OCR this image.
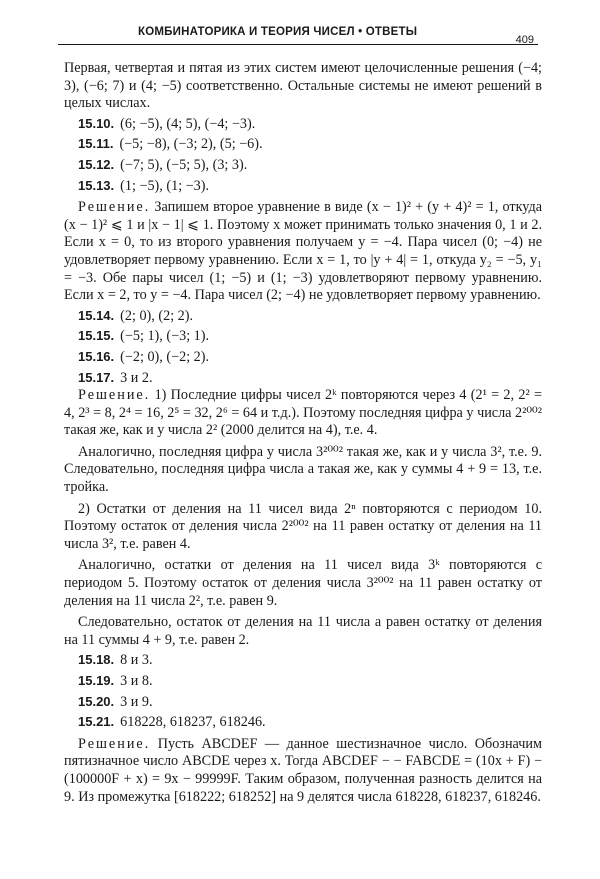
КОМБИНАТОРИКА И ТЕОРИЯ ЧИСЕЛ • ОТВЕТЫ
409

Первая, четвертая и пятая из этих систем имеют целочисленные решения (−4; 3), (−6; 7) и (4; −5) соответственно. Остальные системы не имеют решений в целых числах.

15.10. (6; −5), (4; 5), (−4; −3).

15.11. (−5; −8), (−3; 2), (5; −6).

15.12. (−7; 5), (−5; 5), (3; 3).

15.13. (1; −5), (1; −3).

Решение. Запишем второе уравнение в виде (x − 1)² + (y + 4)² = 1, откуда (x − 1)² ⩽ 1 и |x − 1| ⩽ 1. Поэтому x может принимать только значения 0, 1 и 2. Если x = 0, то из второго уравнения получаем y = −4. Пара чисел (0; −4) не удовлетворяет первому уравнению. Если x = 1, то |y + 4| = 1, откуда y₂ = −5, y₁ = −3. Обе пары чисел (1; −5) и (1; −3) удовлетворяют первому уравнению. Если x = 2, то y = −4. Пара чисел (2; −4) не удовлетворяет первому уравнению.

15.14. (2; 0), (2; 2).

15.15. (−5; 1), (−3; 1).

15.16. (−2; 0), (−2; 2).

15.17. 3 и 2.

Решение. 1) Последние цифры чисел 2ᵏ повторяются через 4 (2¹ = 2, 2² = 4, 2³ = 8, 2⁴ = 16, 2⁵ = 32, 2⁶ = 64 и т.д.). Поэтому последняя цифра у числа 2²⁰⁰² такая же, как и у числа 2² (2000 делится на 4), т.е. 4.

Аналогично, последняя цифра у числа 3²⁰⁰² такая же, как и у числа 3², т.е. 9. Следовательно, последняя цифра числа a такая же, как у суммы 4 + 9 = 13, т.е. тройка.

2) Остатки от деления на 11 чисел вида 2ⁿ повторяются с периодом 10. Поэтому остаток от деления числа 2²⁰⁰² на 11 равен остатку от деления на 11 числа 3², т.е. равен 4.

Аналогично, остатки от деления на 11 чисел вида 3ᵏ повторяются с периодом 5. Поэтому остаток от деления числа 3²⁰⁰² на 11 равен остатку от деления на 11 числа 2², т.е. равен 9.

Следовательно, остаток от деления на 11 числа a равен остатку от деления на 11 суммы 4 + 9, т.е. равен 2.

15.18. 8 и 3.

15.19. 3 и 8.

15.20. 3 и 9.

15.21. 618228, 618237, 618246.

Решение. Пусть ABCDEF — данное шестизначное число. Обозначим пятизначное число ABCDE через x. Тогда ABCDEF − − FABCDE = (10x + F) − (100000F + x) = 9x − 99999F. Таким образом, полученная разность делится на 9. Из промежутка [618222; 618252] на 9 делятся числа 618228, 618237, 618246.
